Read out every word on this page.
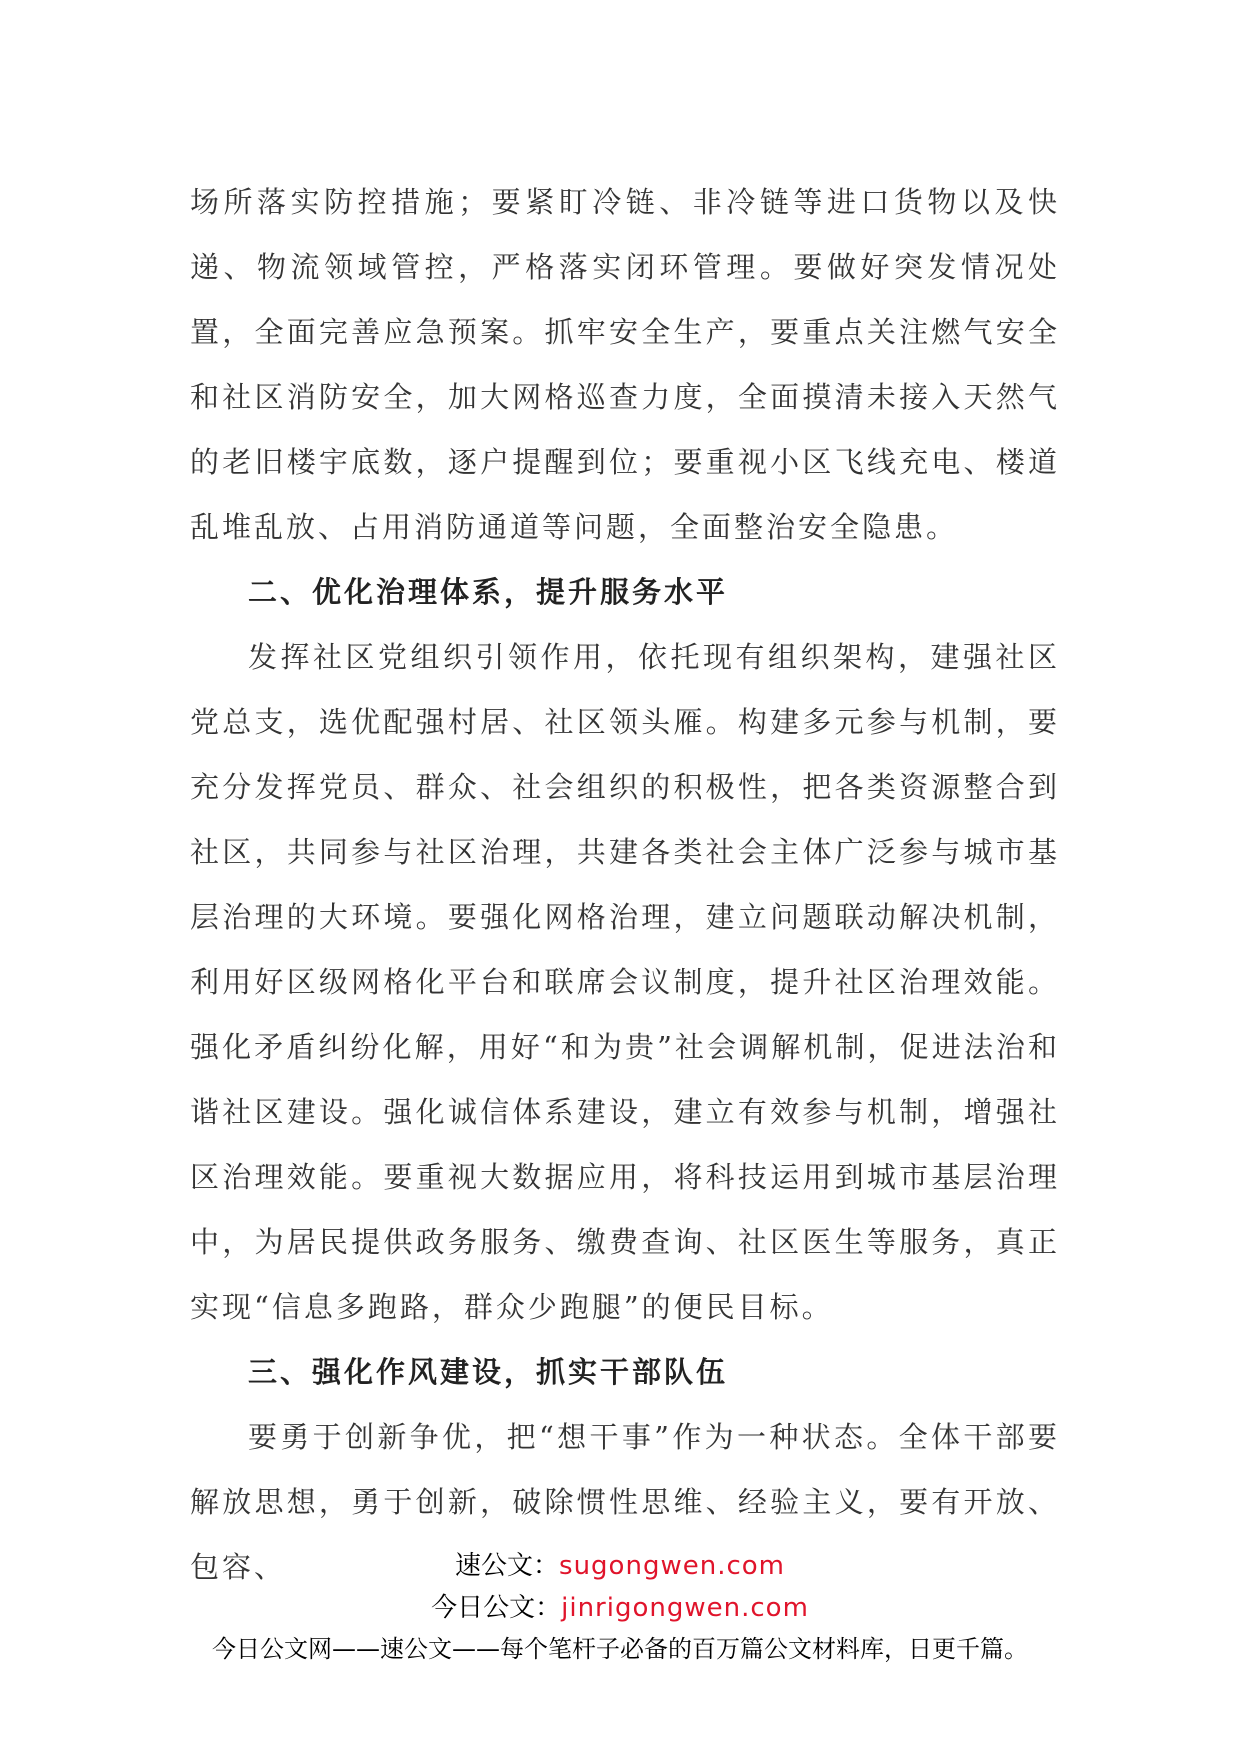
场所落实防控措施；要紧盯冷链、非冷链等进口货物以及快递、物流领域管控，严格落实闭环管理。要做好突发情况处置，全面完善应急预案。抓牢安全生产，要重点关注燃气安全和社区消防安全，加大网格巡查力度，全面摸清未接入天然气的老旧楼宇底数，逐户提醒到位；要重视小区飞线充电、楼道乱堆乱放、占用消防通道等问题，全面整治安全隐患。

二、优化治理体系，提升服务水平

发挥社区党组织引领作用，依托现有组织架构，建强社区党总支，选优配强村居、社区领头雁。构建多元参与机制，要充分发挥党员、群众、社会组织的积极性，把各类资源整合到社区，共同参与社区治理，共建各类社会主体广泛参与城市基层治理的大环境。要强化网格治理，建立问题联动解决机制，利用好区级网格化平台和联席会议制度，提升社区治理效能。强化矛盾纠纷化解，用好“和为贵”社会调解机制，促进法治和谐社区建设。强化诚信体系建设，建立有效参与机制，增强社区治理效能。要重视大数据应用，将科技运用到城市基层治理中，为居民提供政务服务、缴费查询、社区医生等服务，真正实现“信息多跑路，群众少跑腿”的便民目标。

三、强化作风建设，抓实干部队伍

要勇于创新争优，把“想干事”作为一种状态。全体干部要解放思想，勇于创新，破除惯性思维、经验主义，要有开放、包容、	速公文：sugongwen.com
今日公文：jinrigongwen.com
今日公文网——速公文——每个笔杆子必备的百万篇公文材料库，日更千篇。
